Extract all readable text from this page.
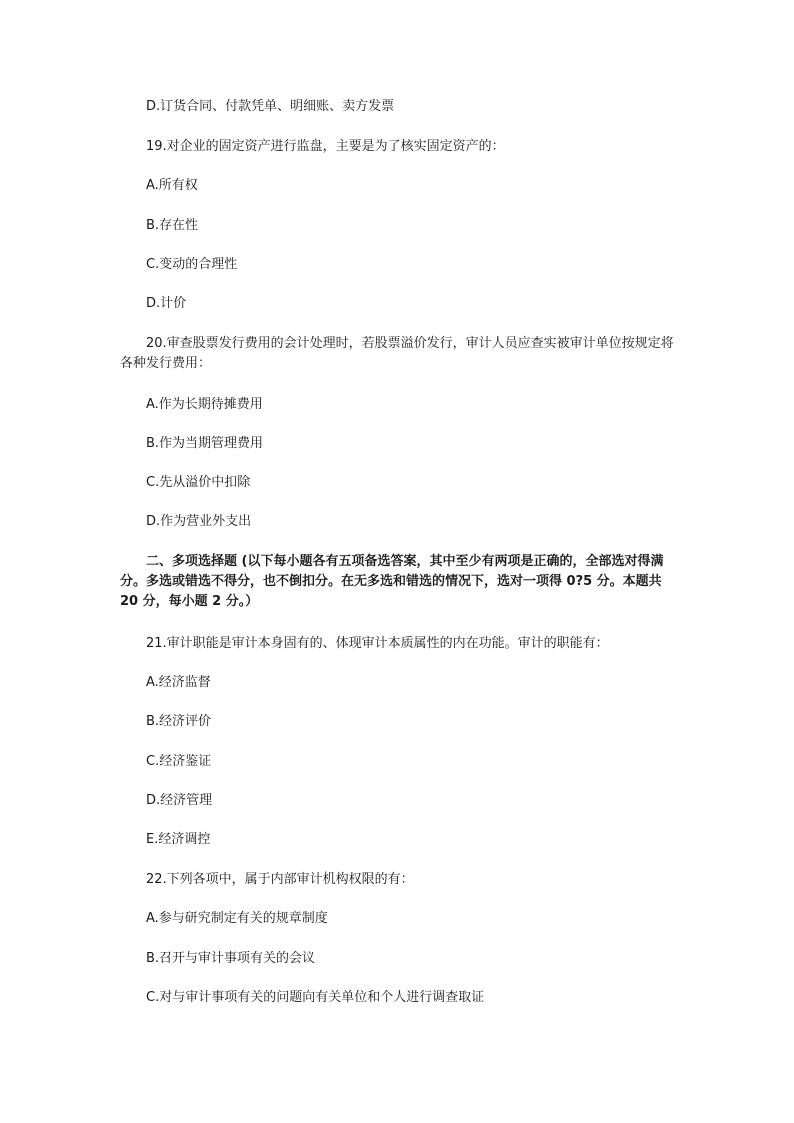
D.订货合同、付款凭单、明细账、卖方发票
19.对企业的固定资产进行监盘，主要是为了核实固定资产的：
A.所有权
B.存在性
C.变动的合理性
D.计价
20.审查股票发行费用的会计处理时，若股票溢价发行，审计人员应查实被审计单位按规定将各种发行费用：
A.作为长期待摊费用
B.作为当期管理费用
C.先从溢价中扣除
D.作为营业外支出
二、多项选择题 (以下每小题各有五项备选答案，其中至少有两项是正确的，全部选对得满分。多选或错选不得分，也不倒扣分。在无多选和错选的情况下，选对一项得 0?5 分。本题共 20 分，每小题 2 分。）
21.审计职能是审计本身固有的、体现审计本质属性的内在功能。审计的职能有：
A.经济监督
B.经济评价
C.经济鉴证
D.经济管理
E.经济调控
22.下列各项中，属于内部审计机构权限的有：
A.参与研究制定有关的规章制度
B.召开与审计事项有关的会议
C.对与审计事项有关的问题向有关单位和个人进行调查取证
